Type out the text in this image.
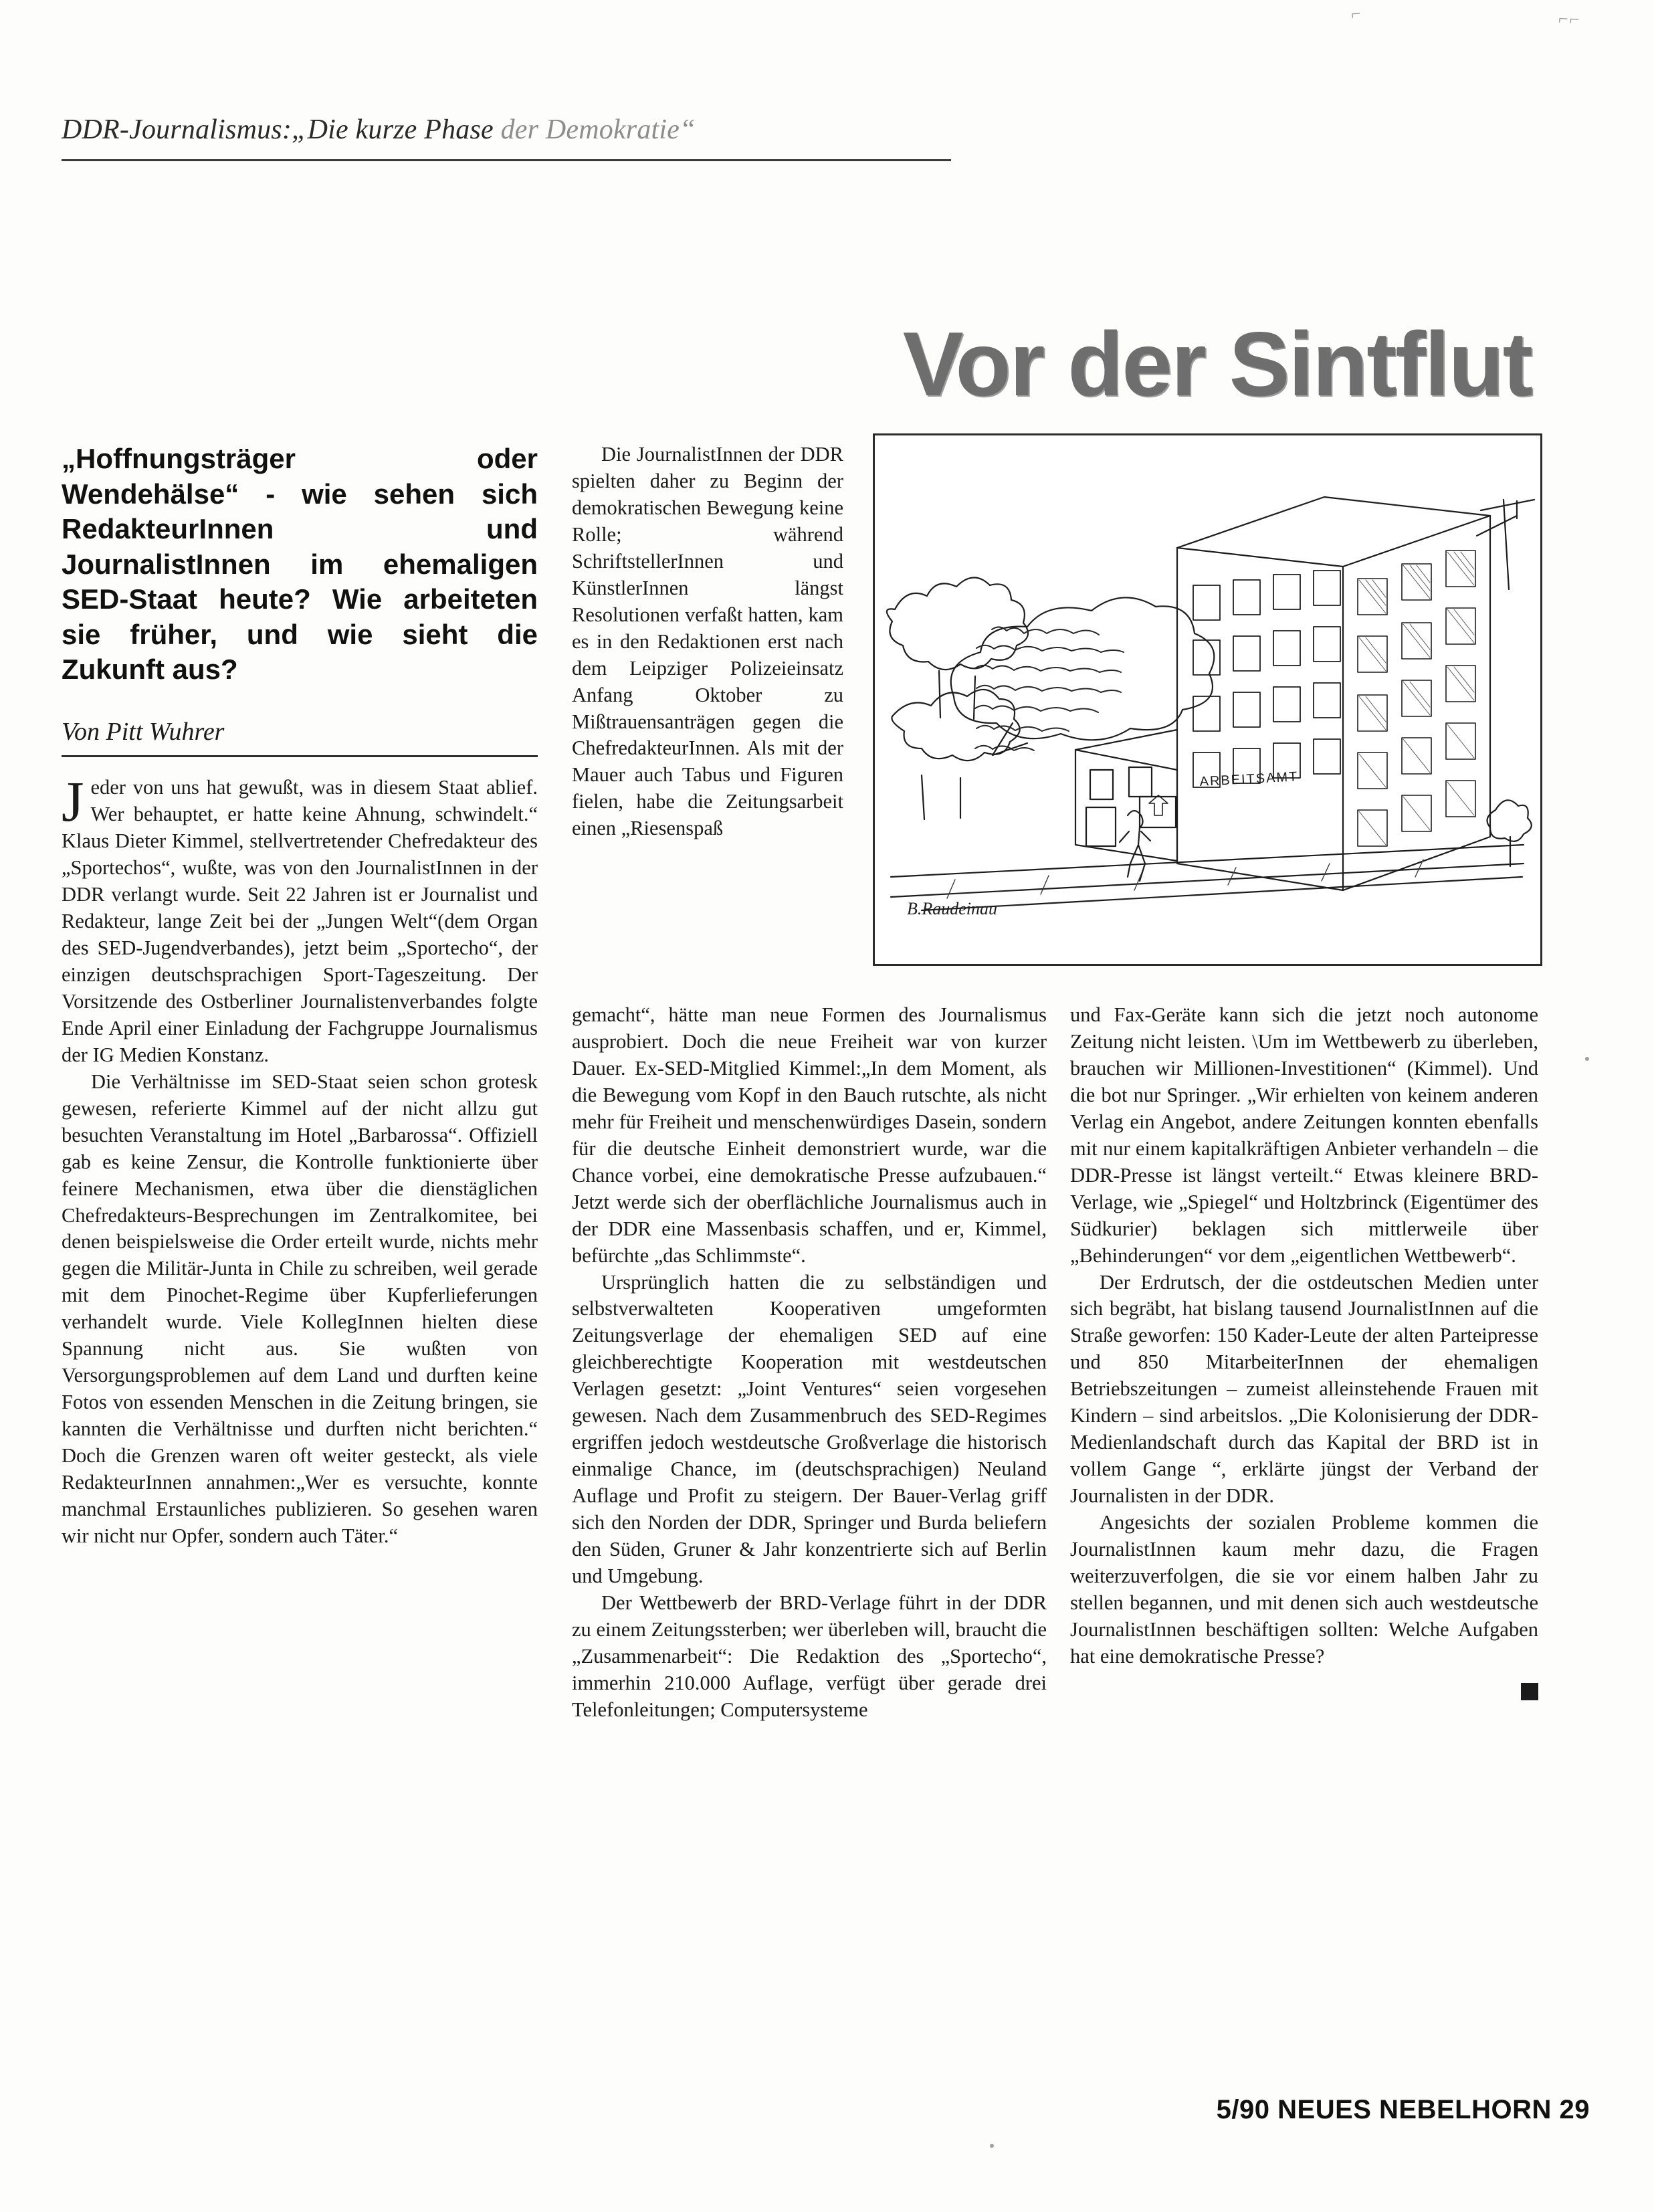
⌐	⌐⌐
DDR-Journalismus:„Die kurze Phase der Demokratie“
Vor der Sintflut
„Hoffnungsträger oder Wendehälse“ - wie sehen sich RedakteurInnen und JournalistInnen im ehemaligen SED-Staat heute? Wie arbeiteten sie früher, und wie sieht die Zukunft aus?
Von Pitt Wuhrer

Jeder von uns hat gewußt, was in diesem Staat ablief. Wer behauptet, er hatte keine Ahnung, schwindelt.“ Klaus Dieter Kimmel, stellvertretender Chefredakteur des „Sportechos“, wußte, was von den JournalistInnen in der DDR verlangt wurde. Seit 22 Jahren ist er Journalist und Redakteur, lange Zeit bei der „Jungen Welt“(dem Organ des SED-Jugendverbandes), jetzt beim „Sportecho“, der einzigen deutschsprachigen Sport-Tageszeitung. Der Vorsitzende des Ostberliner Journalistenverbandes folgte Ende April einer Einladung der Fachgruppe Journalismus der IG Medien Konstanz.

Die Verhältnisse im SED-Staat seien schon grotesk gewesen, referierte Kimmel auf der nicht allzu gut besuchten Veranstaltung im Hotel „Barbarossa“. Offiziell gab es keine Zensur, die Kontrolle funktionierte über feinere Mechanismen, etwa über die dienstäglichen Chefredakteurs-Besprechungen im Zentralkomitee, bei denen beispielsweise die Order erteilt wurde, nichts mehr gegen die Militär-Junta in Chile zu schreiben, weil gerade mit dem Pinochet-Regime über Kupferlieferungen verhandelt wurde. Viele KollegInnen hielten diese Spannung nicht aus. Sie wußten von Versorgungsproblemen auf dem Land und durften keine Fotos von essenden Menschen in die Zeitung bringen, sie kannten die Verhältnisse und durften nicht berichten.“ Doch die Grenzen waren oft weiter gesteckt, als viele RedakteurInnen annahmen:„Wer es versuchte, konnte manchmal Erstaunliches publizieren. So gesehen waren wir nicht nur Opfer, sondern auch Täter.“

Die JournalistInnen der DDR spielten daher zu Beginn der demokratischen Bewegung keine Rolle; während SchriftstellerInnen und KünstlerInnen längst Resolutionen verfaßt hatten, kam es in den Redaktionen erst nach dem Leipziger Polizeieinsatz Anfang Oktober zu Mißtrauensanträgen gegen die ChefredakteurInnen. Als mit der Mauer auch Tabus und Figuren fielen, habe die Zeitungsarbeit einen „Riesenspaß

gemacht“, hätte man neue Formen des Journalismus ausprobiert. Doch die neue Freiheit war von kurzer Dauer. Ex-SED-Mitglied Kimmel:„In dem Moment, als die Bewegung vom Kopf in den Bauch rutschte, als nicht mehr für Freiheit und menschenwürdiges Dasein, sondern für die deutsche Einheit demonstriert wurde, war die Chance vorbei, eine demokratische Presse aufzubauen.“ Jetzt werde sich der oberflächliche Journalismus auch in der DDR eine Massenbasis schaffen, und er, Kimmel, befürchte „das Schlimmste“.

Ursprünglich hatten die zu selbständigen und selbstverwalteten Kooperativen umgeformten Zeitungsverlage der ehemaligen SED auf eine gleichberechtigte Kooperation mit westdeutschen Verlagen gesetzt: „Joint Ventures“ seien vorgesehen gewesen. Nach dem Zusammenbruch des SED-Regimes ergriffen jedoch westdeutsche Großverlage die historisch einmalige Chance, im (deutschsprachigen) Neuland Auflage und Profit zu steigern. Der Bauer-Verlag griff sich den Norden der DDR, Springer und Burda beliefern den Süden, Gruner & Jahr konzentrierte sich auf Berlin und Umgebung.

Der Wettbewerb der BRD-Verlage führt in der DDR zu einem Zeitungssterben; wer überleben will, braucht die „Zusammenarbeit“: Die Redaktion des „Sportecho“, immerhin 210.000 Auflage, verfügt über gerade drei Telefonleitungen; Computersysteme

und Fax-Geräte kann sich die jetzt noch autonome Zeitung nicht leisten. \Um im Wettbewerb zu überleben, brauchen wir Millionen-Investitionen“ (Kimmel). Und die bot nur Springer. „Wir erhielten von keinem anderen Verlag ein Angebot, andere Zeitungen konnten ebenfalls mit nur einem kapitalkräftigen Anbieter verhandeln – die DDR-Presse ist längst verteilt.“ Etwas kleinere BRD-Verlage, wie „Spiegel“ und Holtzbrinck (Eigentümer des Südkurier) beklagen sich mittlerweile über „Behinderungen“ vor dem „eigentlichen Wettbewerb“.

Der Erdrutsch, der die ostdeutschen Medien unter sich begräbt, hat bislang tausend JournalistInnen auf die Straße geworfen: 150 Kader-Leute der alten Parteipresse und 850 MitarbeiterInnen der ehemaligen Betriebszeitungen – zumeist alleinstehende Frauen mit Kindern – sind arbeitslos. „Die Kolonisierung der DDR-Medienlandschaft durch das Kapital der BRD ist in vollem Gange “, erklärte jüngst der Verband der Journalisten in der DDR.

Angesichts der sozialen Probleme kommen die JournalistInnen kaum mehr dazu, die Fragen weiterzuverfolgen, die sie vor einem halben Jahr zu stellen begannen, und mit denen sich auch westdeutsche JournalistInnen beschäftigen sollten: Welche Aufgaben hat eine demokratische Presse?

B.Raudeinau
ARBEITSAMT
5/90 NEUES NEBELHORN 29
